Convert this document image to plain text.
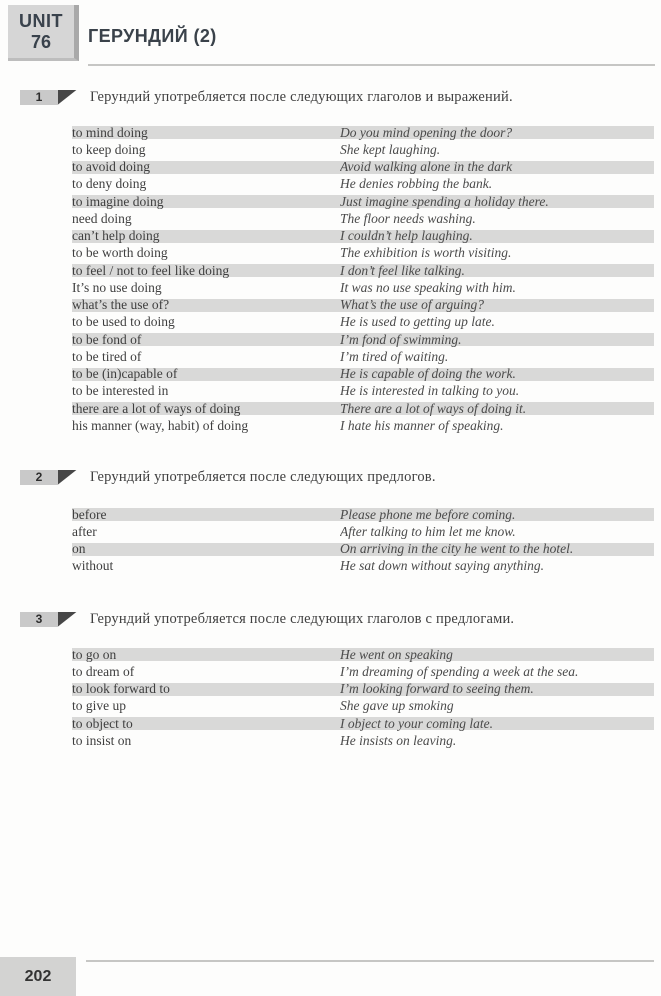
UNIT
76 ГЕРУНДИЙ (2)
1	Герундий употребляется после следующих глаголов и выражений.
to mind doing	Do you mind opening the door?
to keep doing	She kept laughing.
to avoid doing	Avoid walking alone in the dark
to deny doing	He denies robbing the bank.
to imagine doing	Just imagine spending a holiday there.
need doing	The floor needs washing.
can’t help doing	I couldn’t help laughing.
to be worth doing	The exhibition is worth visiting.
to feel / not to feel like doing	I don’t feel like talking.
It’s no use doing	It was no use speaking with him.
what’s the use of?	What’s the use of arguing?
to be used to doing	He is used to getting up late.
to be fond of	I’m fond of swimming.
to be tired of	I’m tired of waiting.
to be (in)capable of	He is capable of doing the work.
to be interested in	He is interested in talking to you.
there are a lot of ways of doing	There are a lot of ways of doing it.
his manner (way, habit) of doing	I hate his manner of speaking.
2	Герундий употребляется после следующих предлогов.
before	Please phone me before coming.
after	After talking to him let me know.
on	On arriving in the city he went to the hotel.
without	He sat down without saying anything.
3	Герундий употребляется после следующих глаголов с предлогами.
to go on	He went on speaking
to dream of	I’m dreaming of spending a week at the sea.
to look forward to	I’m looking forward to seeing them.
to give up	She gave up smoking
to object to	I object to your coming late.
to insist on	He insists on leaving.
202
